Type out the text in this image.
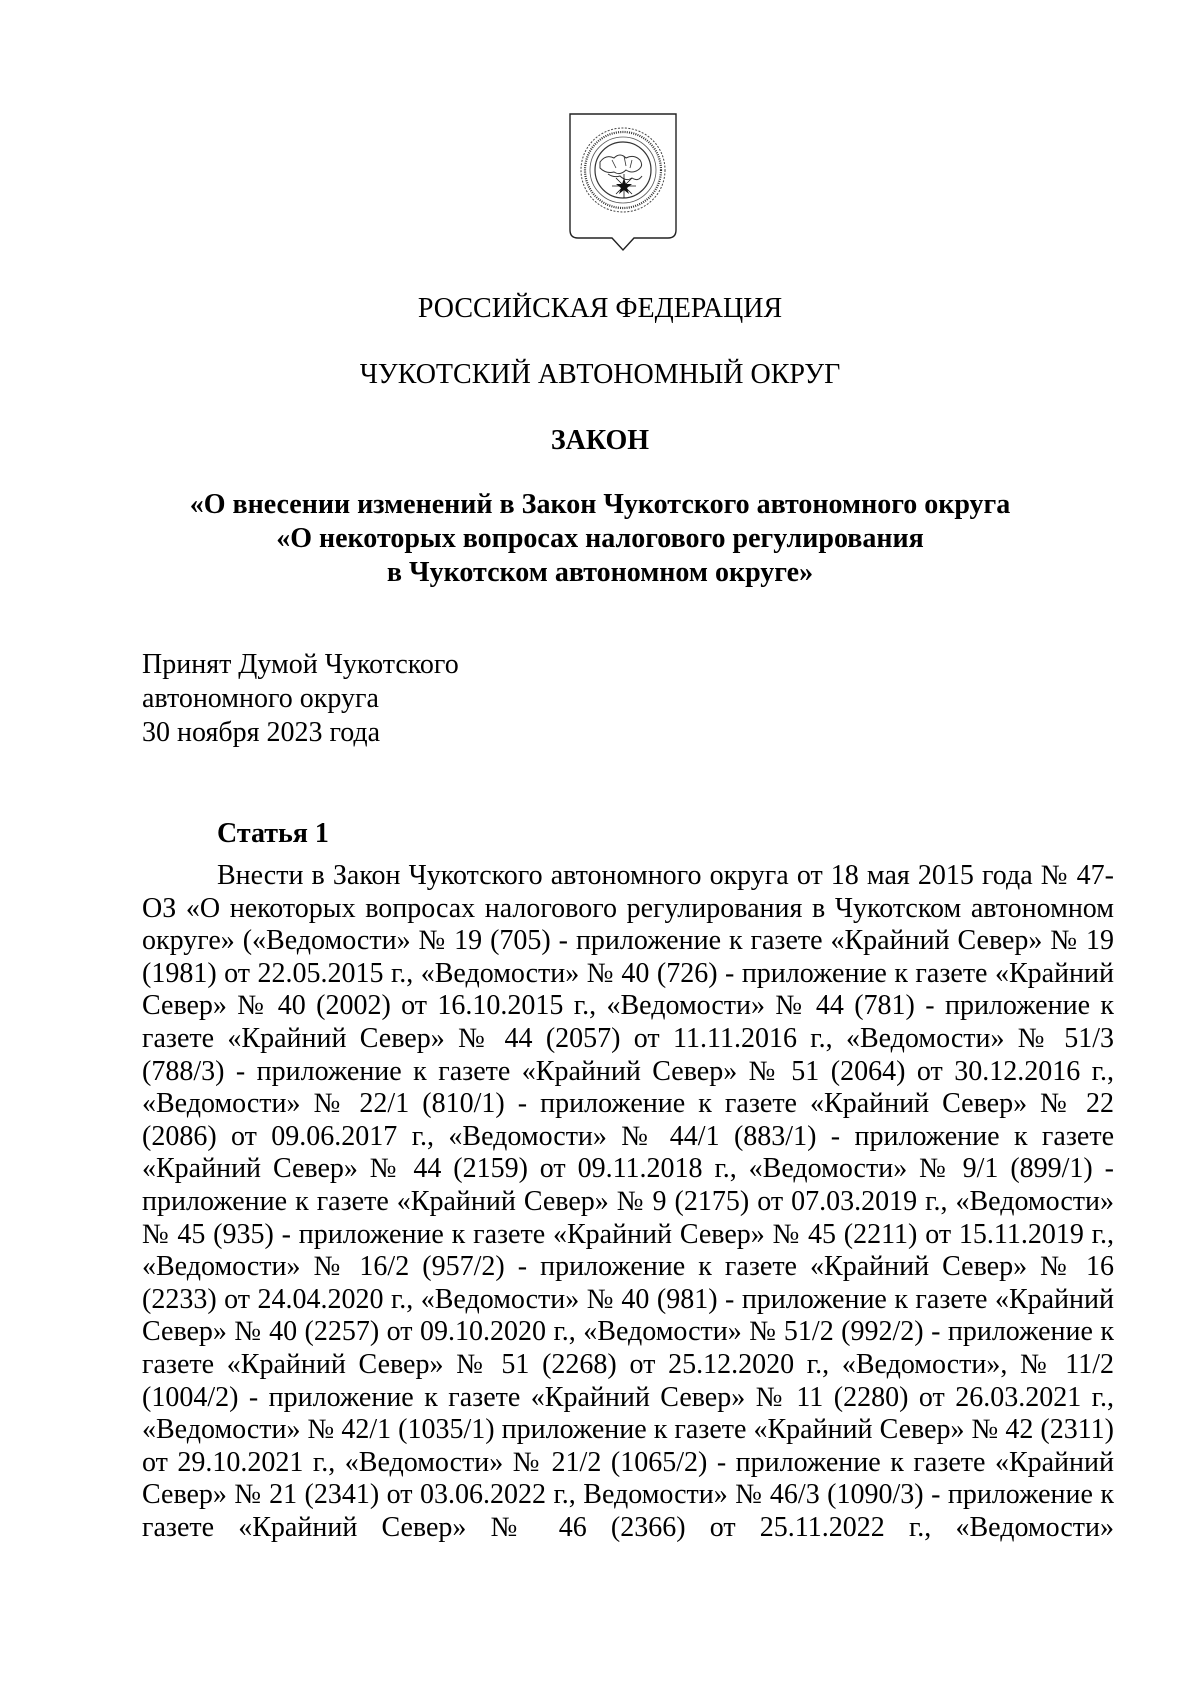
РОССИЙСКАЯ ФЕДЕРАЦИЯ
ЧУКОТСКИЙ АВТОНОМНЫЙ ОКРУГ
ЗАКОН
«О внесении изменений в Закон Чукотского автономного округа
«О некоторых вопросах налогового регулирования
в Чукотском автономном округе»
Принят Думой Чукотского
автономного округа
30 ноября 2023 года
Статья 1

Внести в Закон Чукотского автономного округа от 18 мая 2015 года № 47-ОЗ «О некоторых вопросах налогового регулирования в Чукотском автономном округе» («Ведомости» № 19 (705) - приложение к газете «Крайний Север» № 19 (1981) от 22.05.2015 г., «Ведомости» № 40 (726) - приложение к газете «Крайний Север» № 40 (2002) от 16.10.2015 г., «Ведомости» № 44 (781) - приложение к газете «Крайний Север» № 44 (2057) от 11.11.2016 г., «Ведомости» № 51/3 (788/3) - приложение к газете «Крайний Север» № 51 (2064) от 30.12.2016 г., «Ведомости» № 22/1 (810/1) - приложение к газете «Крайний Север» № 22 (2086) от 09.06.2017 г., «Ведомости» № 44/1 (883/1) - приложение к газете «Крайний Север» № 44 (2159) от 09.11.2018 г., «Ведомости» № 9/1 (899/1) - приложение к газете «Крайний Север» № 9 (2175) от 07.03.2019 г., «Ведомости» № 45 (935) - приложение к газете «Крайний Север» № 45 (2211) от 15.11.2019 г., «Ведомости» № 16/2 (957/2) - приложение к газете «Крайний Север» № 16 (2233) от 24.04.2020 г., «Ведомости» № 40 (981) - приложение к газете «Крайний Север» № 40 (2257) от 09.10.2020 г., «Ведомости» № 51/2 (992/2) - приложение к газете «Крайний Север» № 51 (2268) от 25.12.2020 г., «Ведомости», № 11/2 (1004/2) - приложение к газете «Крайний Север» № 11 (2280) от 26.03.2021 г., «Ведомости» № 42/1 (1035/1) приложение к газете «Крайний Север» № 42 (2311) от 29.10.2021 г., «Ведомости» № 21/2 (1065/2) - приложение к газете «Крайний Север» № 21 (2341) от 03.06.2022 г., Ведомости» № 46/3 (1090/3) - приложение к газете «Крайний Север» № 46 (2366) от 25.11.2022 г., «Ведомости»
